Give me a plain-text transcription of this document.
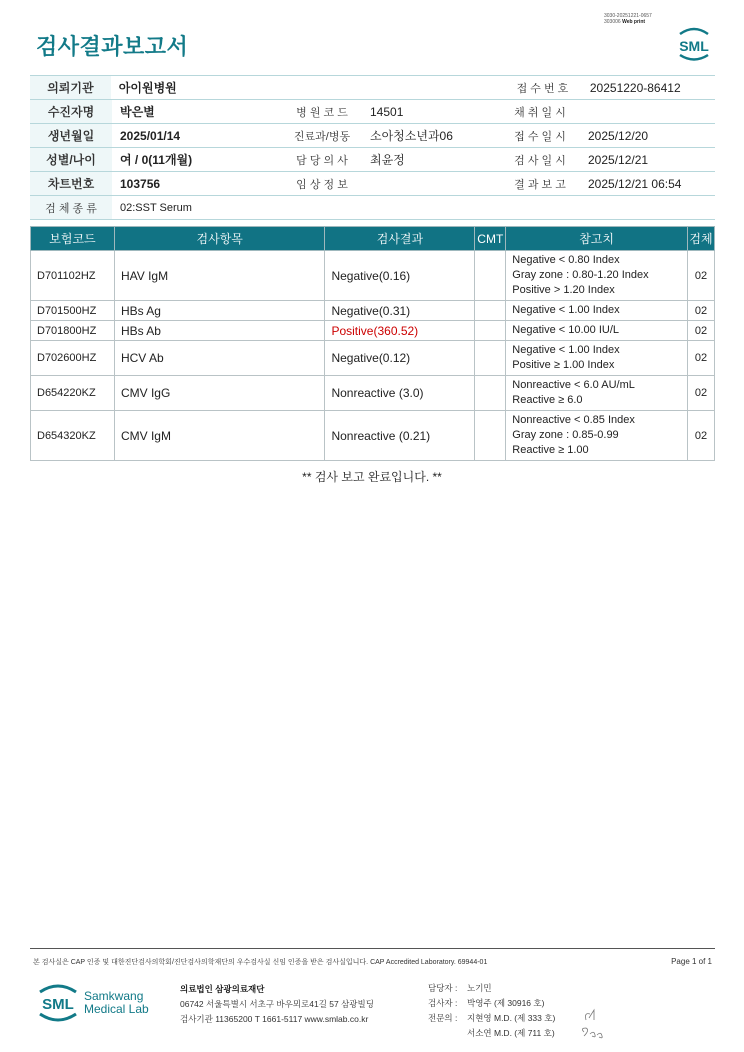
검사결과보고서
3030-20251221-0657
303006 Web print
SML
의뢰기관	아이원병원	접 수 번 호	20251220-86412
수진자명	박은별	병 원 코 드	14501	채 취 일 시
생년월일	2025/01/14	진료과/병동	소아청소년과06	접 수 일 시	2025/12/20
성별/나이	여 / 0(11개월)	담 당 의 사	최윤정	검 사 일 시	2025/12/21
차트번호	103756	임 상 정 보	결 과 보 고	2025/12/21 06:54
검 체 종 류	02:SST Serum
보험코드	검사항목	검사결과	CMT	참고치	검체
D701102HZ	HAV IgM	Negative(0.16)		Negative < 0.80 Index
Gray zone : 0.80-1.20 Index
Positive > 1.20 Index	02
D701500HZ	HBs Ag	Negative(0.31)		Negative < 1.00 Index	02
D701800HZ	HBs Ab	Positive(360.52)		Negative < 10.00 IU/L	02
D702600HZ	HCV Ab	Negative(0.12)		Negative < 1.00 Index
Positive ≥ 1.00 Index	02
D654220KZ	CMV IgG	Nonreactive (3.0)		Nonreactive < 6.0 AU/mL
Reactive ≥ 6.0	02
D654320KZ	CMV IgM	Nonreactive (0.21)		Nonreactive < 0.85 Index
Gray zone : 0.85-0.99
Reactive ≥ 1.00	02
** 검사 보고 완료입니다. **
본 검사실은 CAP 인증 및 대한진단검사의학회/진단검사의학재단의 우수검사실 신임 인증을 받은 검사실입니다. CAP Accredited Laboratory. 69944-01	Page 1 of 1
SML Samkwang
Medical Lab
의료법인 삼광의료재단
06742 서울특별시 서초구 바우뫼로41길 57 삼광빌딩
검사기관 11365200 T 1661-5117 www.smlab.co.kr
담당자 :	노기민
검사자 :	박영주 (제 30916 호)
전문의 :	지현영 M.D. (제 333 호)
서소연 M.D. (제 711 호)
